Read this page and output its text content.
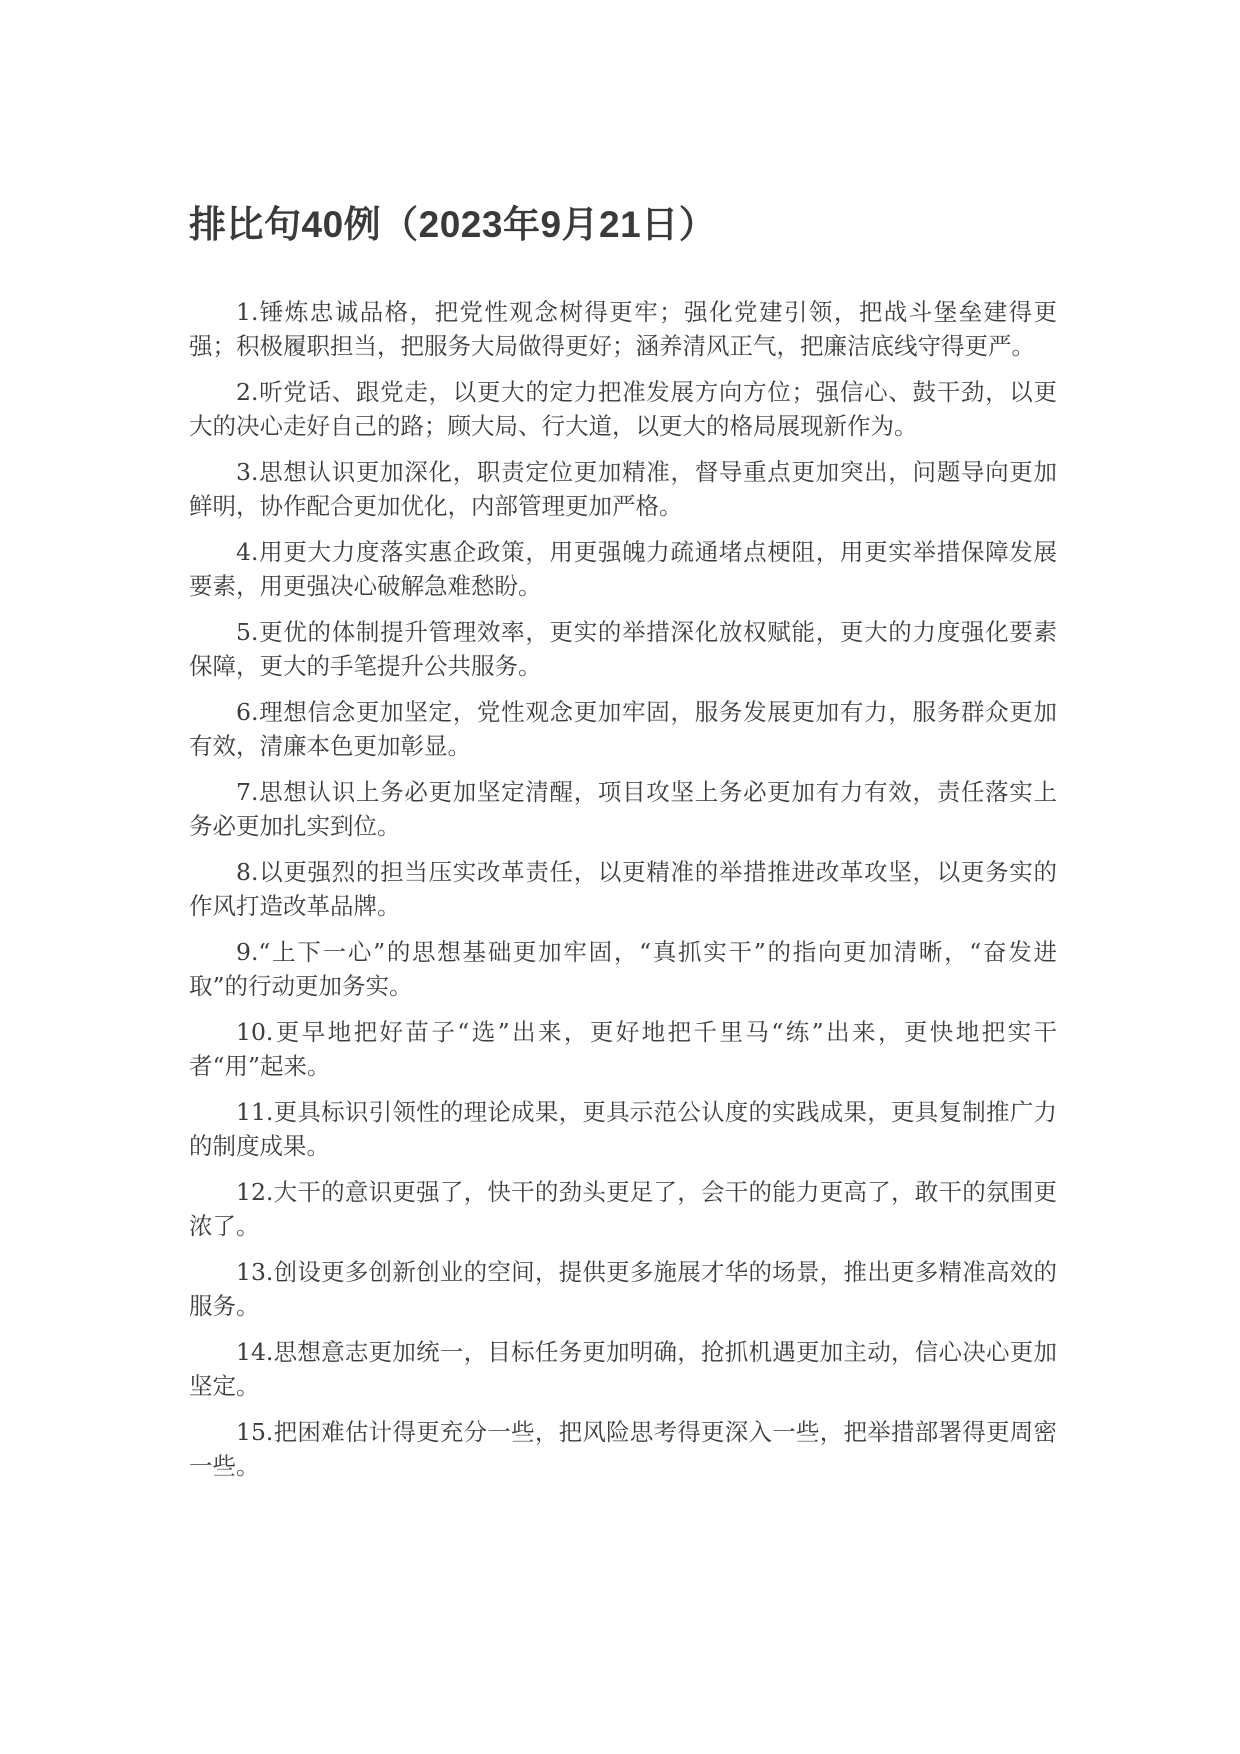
排比句40例（2023年9月21日）

1.锤炼忠诚品格，把党性观念树得更牢；强化党建引领，把战斗堡垒建得更强；积极履职担当，把服务大局做得更好；涵养清风正气，把廉洁底线守得更严。

2.听党话、跟党走，以更大的定力把准发展方向方位；强信心、鼓干劲，以更大的决心走好自己的路；顾大局、行大道，以更大的格局展现新作为。

3.思想认识更加深化，职责定位更加精准，督导重点更加突出，问题导向更加鲜明，协作配合更加优化，内部管理更加严格。

4.用更大力度落实惠企政策，用更强魄力疏通堵点梗阻，用更实举措保障发展要素，用更强决心破解急难愁盼。

5.更优的体制提升管理效率，更实的举措深化放权赋能，更大的力度强化要素保障，更大的手笔提升公共服务。

6.理想信念更加坚定，党性观念更加牢固，服务发展更加有力，服务群众更加有效，清廉本色更加彰显。

7.思想认识上务必更加坚定清醒，项目攻坚上务必更加有力有效，责任落实上务必更加扎实到位。

8.以更强烈的担当压实改革责任，以更精准的举措推进改革攻坚，以更务实的作风打造改革品牌。

9.“上下一心”的思想基础更加牢固，“真抓实干”的指向更加清晰，“奋发进取”的行动更加务实。

10.更早地把好苗子“选”出来，更好地把千里马“练”出来，更快地把实干者“用”起来。

11.更具标识引领性的理论成果，更具示范公认度的实践成果，更具复制推广力的制度成果。

12.大干的意识更强了，快干的劲头更足了，会干的能力更高了，敢干的氛围更浓了。

13.创设更多创新创业的空间，提供更多施展才华的场景，推出更多精准高效的服务。

14.思想意志更加统一，目标任务更加明确，抢抓机遇更加主动，信心决心更加坚定。

15.把困难估计得更充分一些，把风险思考得更深入一些，把举措部署得更周密一些。
